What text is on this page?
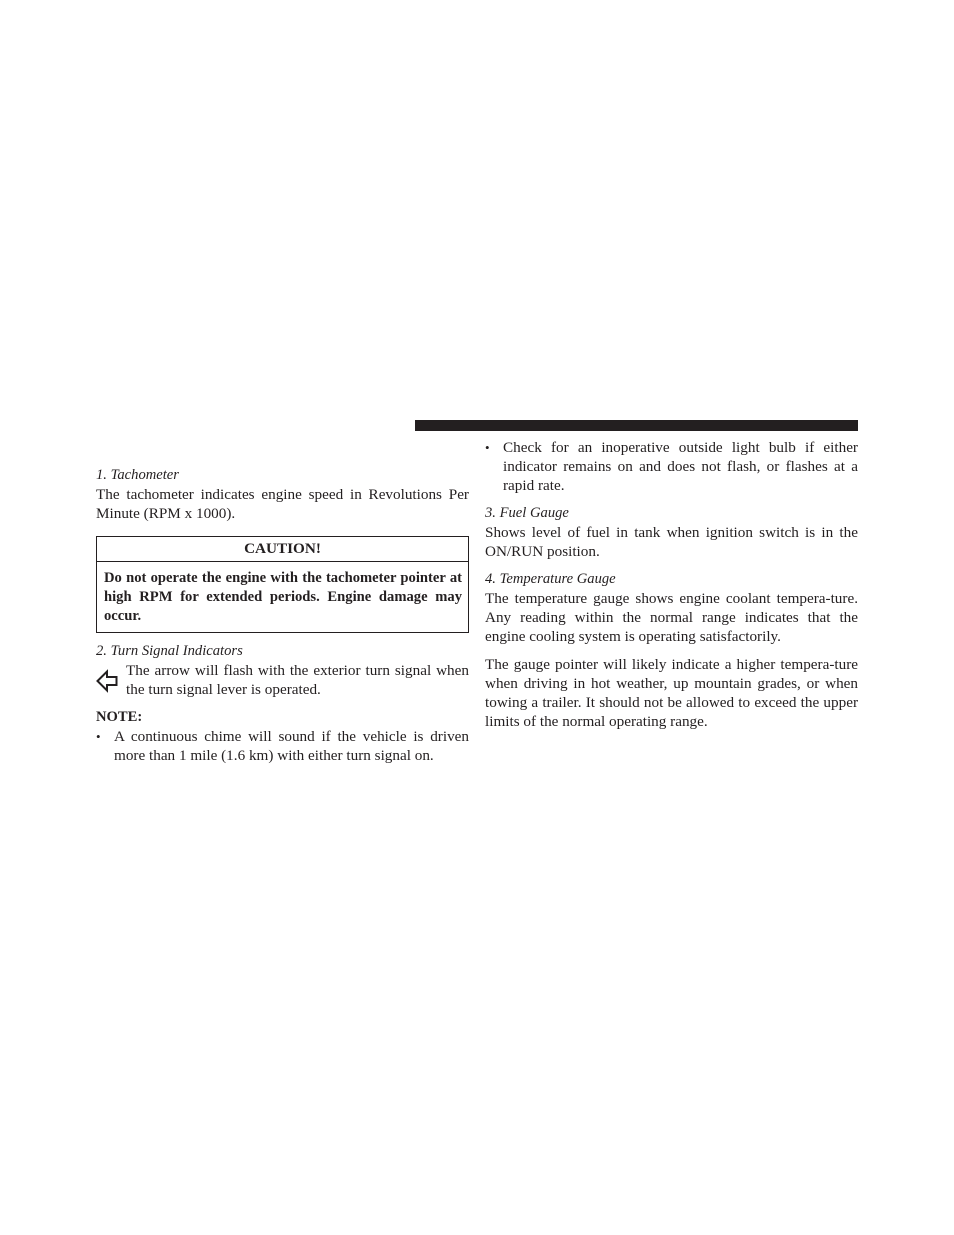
1. Tachometer

The tachometer indicates engine speed in Revolutions Per Minute (RPM x 1000).

CAUTION!
Do not operate the engine with the tachometer pointer at high RPM for extended periods. Engine damage may occur.

2. Turn Signal Indicators

The arrow will flash with the exterior turn signal when the turn signal lever is operated.

NOTE:

• A continuous chime will sound if the vehicle is driven more than 1 mile (1.6 km) with either turn signal on.
• Check for an inoperative outside light bulb if either indicator remains on and does not flash, or flashes at a rapid rate.

3. Fuel Gauge

Shows level of fuel in tank when ignition switch is in the ON/RUN position.

4. Temperature Gauge

The temperature gauge shows engine coolant tempera-ture. Any reading within the normal range indicates that the engine cooling system is operating satisfactorily.

The gauge pointer will likely indicate a higher tempera-ture when driving in hot weather, up mountain grades, or when towing a trailer. It should not be allowed to exceed the upper limits of the normal operating range.
